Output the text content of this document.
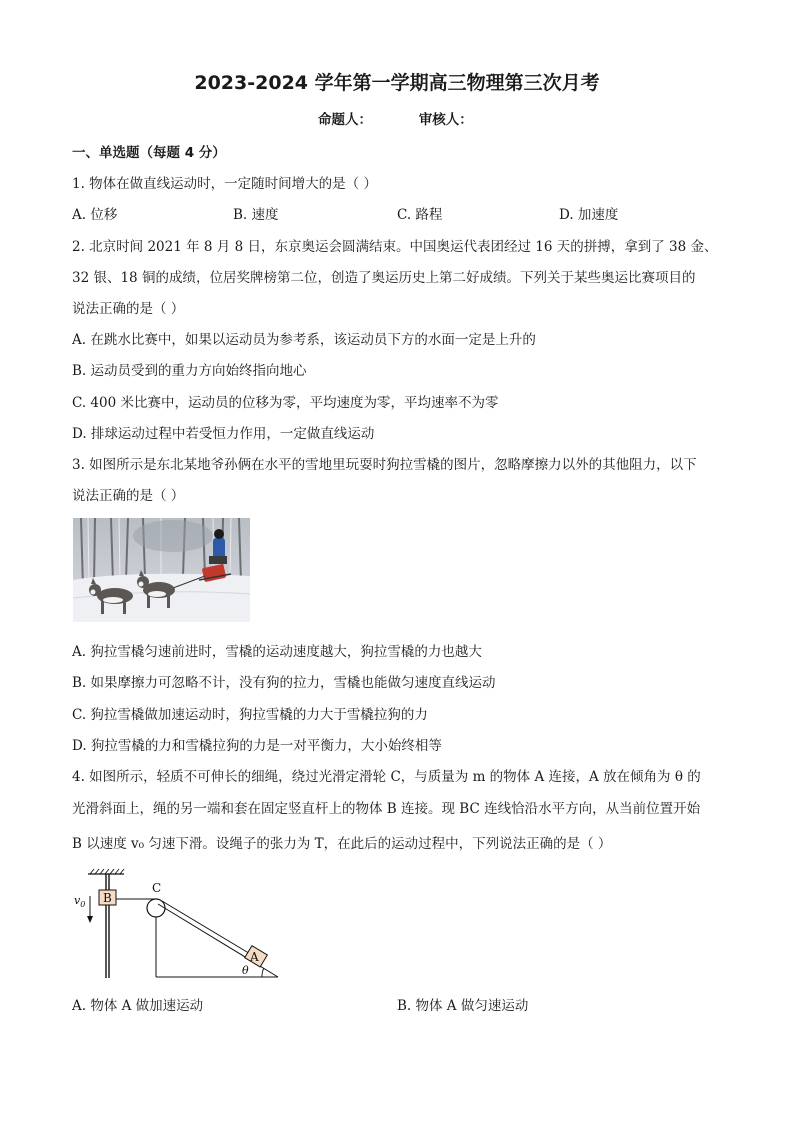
2023-2024 学年第一学期高三物理第三次月考
命题人：	审核人：
一、单选题（每题 4 分）
1. 物体在做直线运动时，一定随时间增大的是（ ）
A. 位移	B. 速度	C. 路程	D. 加速度
2. 北京时间 2021 年 8 月 8 日，东京奥运会圆满结束。中国奥运代表团经过 16 天的拼搏，拿到了 38 金、
32 银、18 铜的成绩，位居奖牌榜第二位，创造了奥运历史上第二好成绩。下列关于某些奥运比赛项目的
说法正确的是（ ）
A. 在跳水比赛中，如果以运动员为参考系，该运动员下方的水面一定是上升的
B. 运动员受到的重力方向始终指向地心
C. 400 米比赛中，运动员的位移为零，平均速度为零，平均速率不为零
D. 排球运动过程中若受恒力作用，一定做直线运动
3. 如图所示是东北某地爷孙俩在水平的雪地里玩耍时狗拉雪橇的图片，忽略摩擦力以外的其他阻力，以下
说法正确的是（ ）
A. 狗拉雪橇匀速前进时，雪橇的运动速度越大，狗拉雪橇的力也越大
B. 如果摩擦力可忽略不计，没有狗的拉力，雪橇也能做匀速度直线运动
C. 狗拉雪橇做加速运动时，狗拉雪橇的力大于雪橇拉狗的力
D. 狗拉雪橇的力和雪橇拉狗的力是一对平衡力，大小始终相等
4. 如图所示，轻质不可伸长的细绳，绕过光滑定滑轮 C，与质量为 m 的物体 A 连接，A 放在倾角为 θ 的
光滑斜面上，绳的另一端和套在固定竖直杆上的物体 B 连接。现 BC 连线恰沿水平方向，从当前位置开始
B 以速度 v₀ 匀速下滑。设绳子的张力为 T，在此后的运动过程中，下列说法正确的是（ ）
B
$v_0$
C
A
θ
A. 物体 A 做加速运动	B. 物体 A 做匀速运动
